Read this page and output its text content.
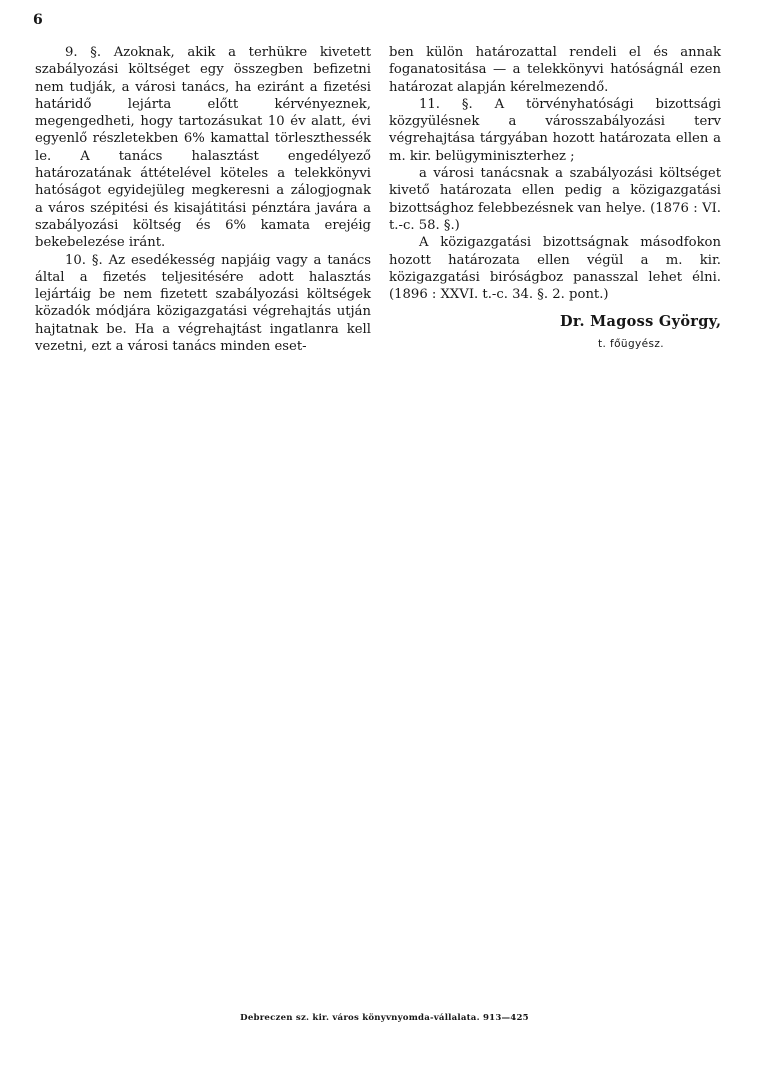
6

9. §. Azoknak, akik a terhükre kivetett szabályozási költséget egy összegben befizetni nem tudják, a városi tanács, ha eziránt a fizetési határidő lejárta előtt kérvényeznek, megengedheti, hogy tartozásukat 10 év alatt, évi egyenlő részletekben 6% kamattal törleszthessék le. A tanács halasztást engedélyező határozatának áttételével köteles a telekkönyvi hatóságot egyidejüleg megkeresni a zálogjognak a város szépitési és kisajátitási pénztára javára a szabályozási költség és 6% kamata erejéig bekebelezése iránt.

10. §. Az esedékesség napjáig vagy a tanács által a fizetés teljesitésére adott halasztás lejártáig be nem fizetett szabályozási költségek közadók módjára közigazgatási végrehajtás utján hajtatnak be. Ha a végrehajtást ingatlanra kell vezetni, ezt a városi tanács minden eset-

ben külön határozattal rendeli el és annak foganatositása — a telekkönyvi hatóságnál ezen határozat alapján kérelmezendő.

11. §. A törvényhatósági bizottsági közgyülésnek a városszabályozási terv végrehajtása tárgyában hozott határozata ellen a m. kir. belügyminiszterhez ;

a városi tanácsnak a szabályozási költséget kivető határozata ellen pedig a közigazgatási bizottsághoz felebbezésnek van helye. (1876 : VI. t.-c. 58. §.)

A közigazgatási bizottságnak másodfokon hozott határozata ellen végül a m. kir. közigazgatási biróságboz panasszal lehet élni. (1896 : XXVI. t.-c. 34. §. 2. pont.)

Dr. Magoss György,
t. főügyész.
Debreczen sz. kir. város könyvnyomda-vállalata. 913—425
